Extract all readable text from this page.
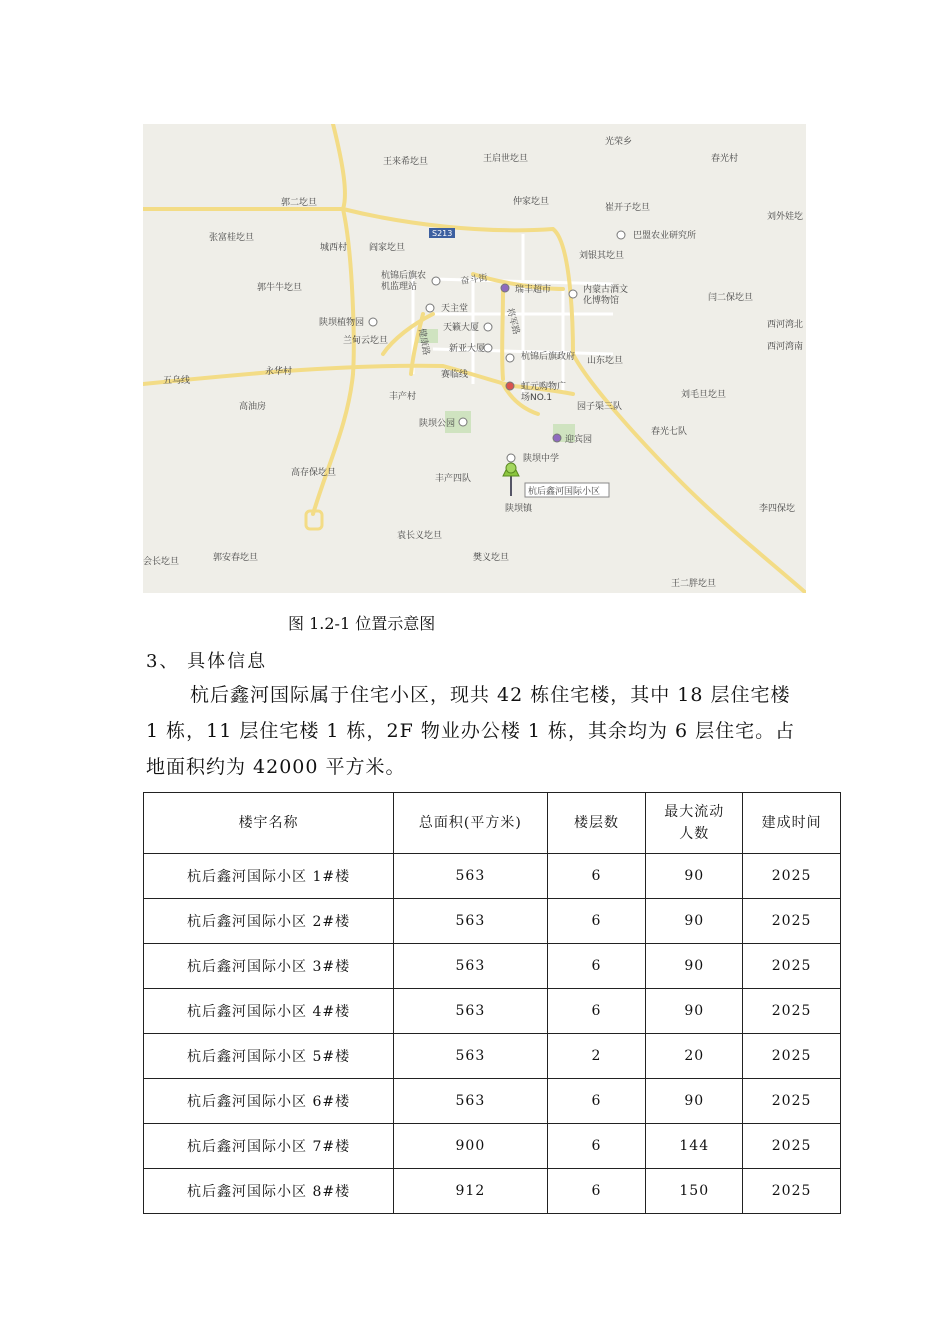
S213
奋斗街
将军路
健康路
光荣乡
王来希圪旦	王启世圪旦	春光村
仲家圪旦
郭二圪旦	崔开子圪旦
刘外娃圪
张富桂圪旦
城西村 阎家圪旦
巴盟农业研究所
刘银其圪旦
杭锦后旗农机监理站	瑞丰超市	内蒙古酒文化博物馆
郭牛牛圪旦
闫二保圪旦
天主堂
陕坝植物园	天籁大厦	西河湾北
兰甸云圪旦
新亚大厦
杭锦后旗政府 山东圪旦
西河湾南
五乌线
永华村	赛临线
虹元购物广场NO.1
丰产村
园子渠三队
刘毛旦圪旦
高油房
陕坝公园
迎宾园
春光七队
陕坝中学
高存保圪旦
丰产四队
陕坝镇	李四保圪
袁长义圪旦
郭安春圪旦
会长圪旦	樊义圪旦
王二胖圪旦
杭后鑫河国际小区
图 1.2-1 位置示意图
3、 具体信息

杭后鑫河国际属于住宅小区，现共 42 栋住宅楼，其中 18 层住宅楼 1 栋，11 层住宅楼 1 栋，2F 物业办公楼 1 栋，其余均为 6 层住宅。占地面积约为 42000 平方米。

楼宇名称	总面积(平方米)	楼层数	最大流动人数	建成时间
杭后鑫河国际小区 1#楼	563	6	90	2025
杭后鑫河国际小区 2#楼	563	6	90	2025
杭后鑫河国际小区 3#楼	563	6	90	2025
杭后鑫河国际小区 4#楼	563	6	90	2025
杭后鑫河国际小区 5#楼	563	2	20	2025
杭后鑫河国际小区 6#楼	563	6	90	2025
杭后鑫河国际小区 7#楼	900	6	144	2025
杭后鑫河国际小区 8#楼	912	6	150	2025
